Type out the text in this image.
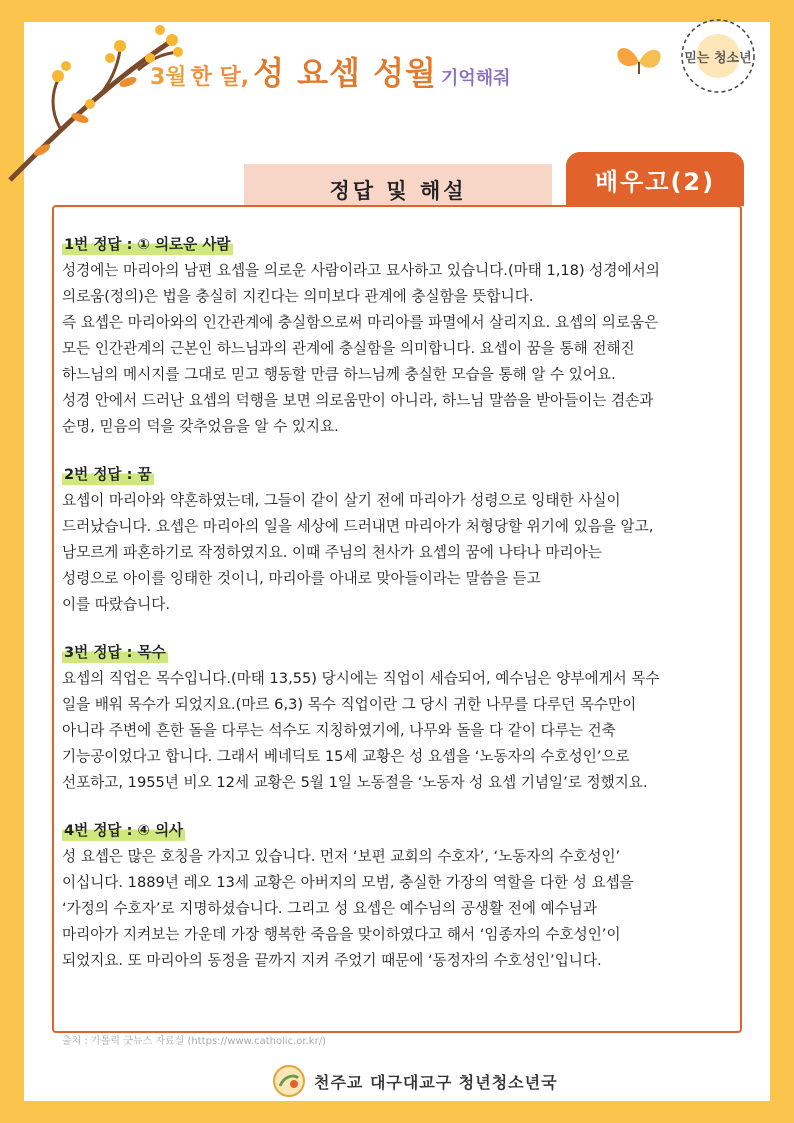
3월 한 달, 성 요셉 성월 기억해줘
믿는 청소년
정답 및 해설	배우고(2)
1번 정답 : ① 의로운 사람

성경에는 마리아의 남편 요셉을 의로운 사람이라고 묘사하고 있습니다.(마태 1,18) 성경에서의

의로움(정의)은 법을 충실히 지킨다는 의미보다 관계에 충실함을 뜻합니다.

즉 요셉은 마리아와의 인간관계에 충실함으로써 마리아를 파멸에서 살리지요. 요셉의 의로움은

모든 인간관계의 근본인 하느님과의 관계에 충실함을 의미합니다. 요셉이 꿈을 통해 전해진

하느님의 메시지를 그대로 믿고 행동할 만큼 하느님께 충실한 모습을 통해 알 수 있어요.

성경 안에서 드러난 요셉의 덕행을 보면 의로움만이 아니라, 하느님 말씀을 받아들이는 겸손과

순명, 믿음의 덕을 갖추었음을 알 수 있지요.

2번 정답 : 꿈

요셉이 마리아와 약혼하였는데, 그들이 같이 살기 전에 마리아가 성령으로 잉태한 사실이

드러났습니다. 요셉은 마리아의 일을 세상에 드러내면 마리아가 처형당할 위기에 있음을 알고,

남모르게 파혼하기로 작정하였지요. 이때 주님의 천사가 요셉의 꿈에 나타나 마리아는

성령으로 아이를 잉태한 것이니, 마리아를 아내로 맞아들이라는 말씀을 듣고

이를 따랐습니다.

3번 정답 : 목수

요셉의 직업은 목수입니다.(마태 13,55) 당시에는 직업이 세습되어, 예수님은 양부에게서 목수

일을 배워 목수가 되었지요.(마르 6,3) 목수 직업이란 그 당시 귀한 나무를 다루던 목수만이

아니라 주변에 흔한 돌을 다루는 석수도 지칭하였기에, 나무와 돌을 다 같이 다루는 건축

기능공이었다고 합니다. 그래서 베네딕토 15세 교황은 성 요셉을 ‘노동자의 수호성인’으로

선포하고, 1955년 비오 12세 교황은 5월 1일 노동절을 ‘노동자 성 요셉 기념일’로 정했지요.

4번 정답 : ④ 의사

성 요셉은 많은 호칭을 가지고 있습니다. 먼저 ‘보편 교회의 수호자’, ‘노동자의 수호성인’

이십니다. 1889년 레오 13세 교황은 아버지의 모범, 충실한 가장의 역할을 다한 성 요셉을

‘가정의 수호자’로 지명하셨습니다. 그리고 성 요셉은 예수님의 공생활 전에 예수님과

마리아가 지켜보는 가운데 가장 행복한 죽음을 맞이하였다고 해서 ‘임종자의 수호성인’이

되었지요. 또 마리아의 동정을 끝까지 지켜 주었기 때문에 ‘동정자의 수호성인’입니다.

출처 : 가톨릭 굿뉴스 자료실 (https://www.catholic.or.kr/)
천주교 대구대교구 청년청소년국
